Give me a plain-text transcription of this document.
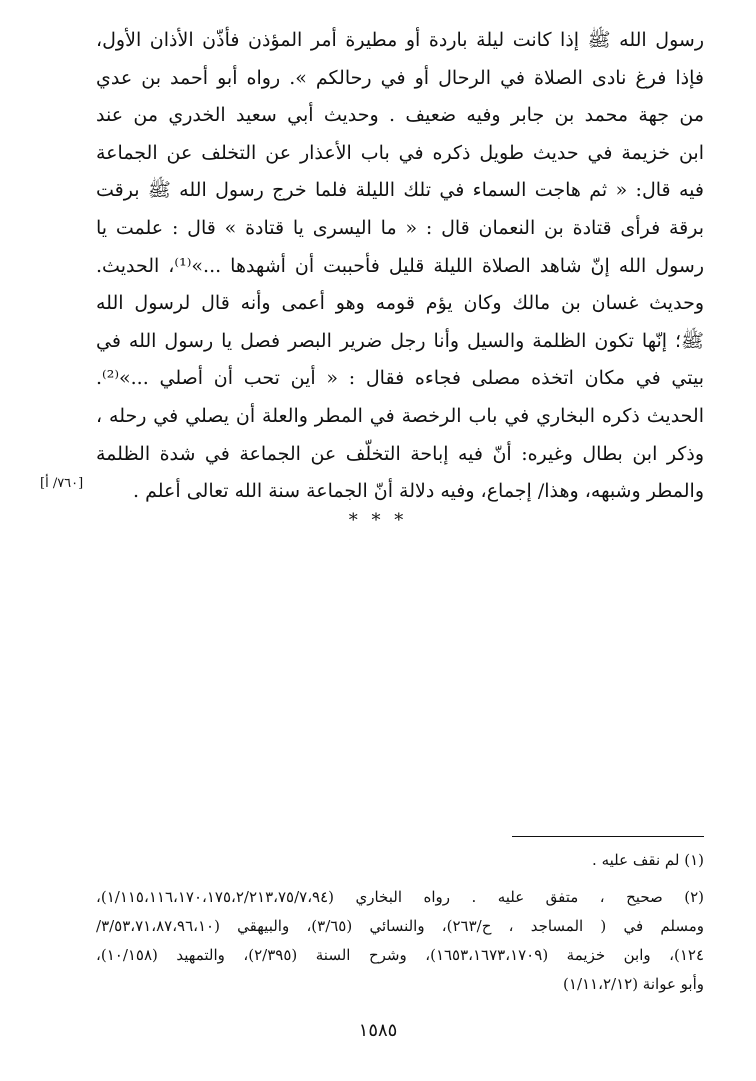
رسول الله ﷺ إذا كانت ليلة باردة أو مطيرة أمر المؤذن فأذّن الأذان الأول،
فإذا فرغ نادى الصلاة في الرحال أو في رحالكم ». رواه أبو أحمد بن عدي
من جهة محمد بن جابر وفيه ضعيف . وحديث أبي سعيد الخدري من عند
ابن خزيمة في حديث طويل ذكره في باب الأعذار عن التخلف عن الجماعة
فيه قال: « ثم هاجت السماء في تلك الليلة فلما خرج رسول الله ﷺ برقت
برقة فرأى قتادة بن النعمان قال : « ما اليسرى يا قتادة » قال : علمت يا
رسول الله إنّ شاهد الصلاة الليلة قليل فأحببت أن أشهدها ...»⁽¹⁾، الحديث.
وحديث غسان بن مالك وكان يؤم قومه وهو أعمى وأنه قال لرسول الله
ﷺ؛ إنّها تكون الظلمة والسيل وأنا رجل ضرير البصر فصل يا رسول الله في
بيتي في مكان اتخذه مصلى فجاءه فقال : « أين تحب أن أصلي ...»⁽²⁾.
الحديث ذكره البخاري في باب الرخصة في المطر والعلة أن يصلي في رحله ،
وذكر ابن بطال وغيره: أنّ فيه إباحة التخلّف عن الجماعة في شدة الظلمة
والمطر وشبهه، وهذا/ إجماع، وفيه دلالة أنّ الجماعة سنة الله تعالى أعلم .
[٧٦٠/ أ]
* * *
(١) لم نقف عليه .
(٢) صحيح ، متفق عليه . رواه البخاري (١/١١٥،١١٦،١٧٠،١٧٥،٢/٢١٣،٧٥/٧،٩٤)،
ومسلم في ( المساجد ، ح/٢٦٣)، والنسائي (٣/٦٥)، والبيهقي (٣/٥٣،٧١،٨٧،٩٦،١٠/
١٢٤)، وابن خزيمة (١٦٥٣،١٦٧٣،١٧٠٩)، وشرح السنة (٢/٣٩٥)، والتمهيد (١٠/١٥٨)،
وأبو عوانة (١/١١،٢/١٢)
١٥٨٥
